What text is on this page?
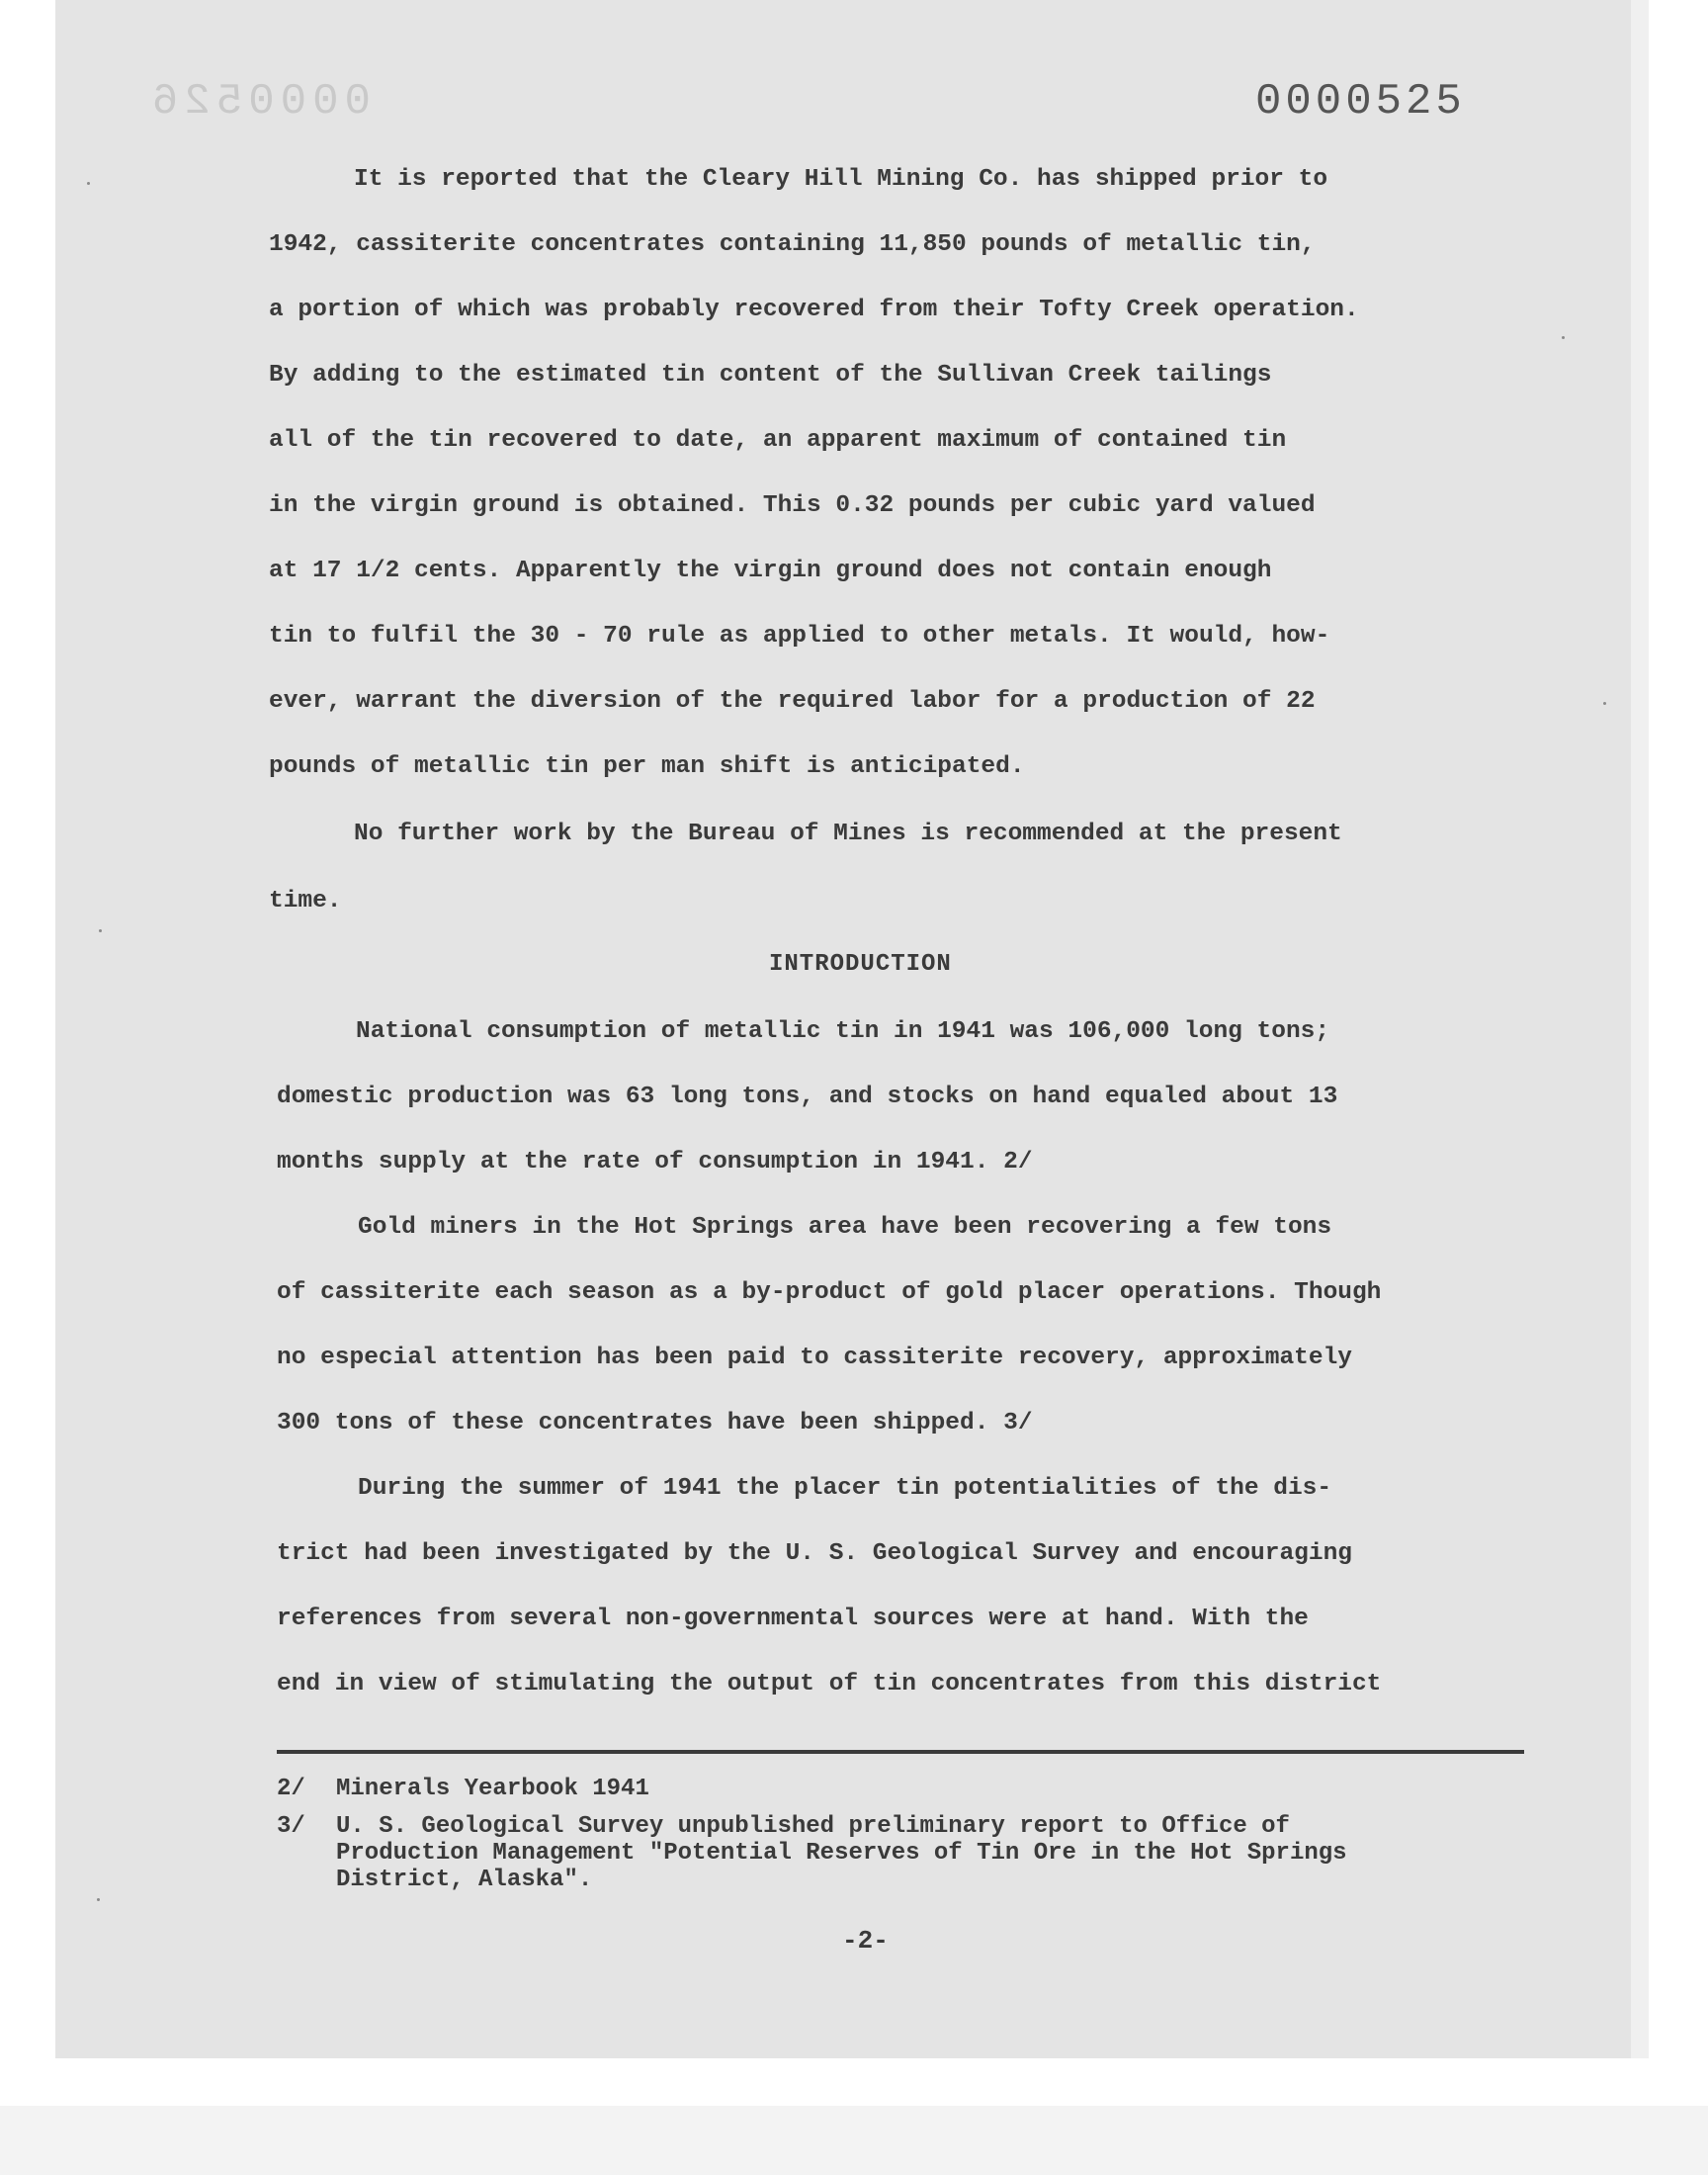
0000526	0000525
It is reported that the Cleary Hill Mining Co. has shipped prior to
1942, cassiterite concentrates containing 11,850 pounds of metallic tin,
a portion of which was probably recovered from their Tofty Creek operation.
By adding to the estimated tin content of the Sullivan Creek tailings
all of the tin recovered to date, an apparent maximum of contained tin
in the virgin ground is obtained. This 0.32 pounds per cubic yard valued
at 17 1/2 cents. Apparently the virgin ground does not contain enough
tin to fulfil the 30 - 70 rule as applied to other metals. It would, how-
ever, warrant the diversion of the required labor for a production of 22
pounds of metallic tin per man shift is anticipated.
No further work by the Bureau of Mines is recommended at the present
time.
INTRODUCTION
National consumption of metallic tin in 1941 was 106,000 long tons;
domestic production was 63 long tons, and stocks on hand equaled about 13
months supply at the rate of consumption in 1941. 2/
Gold miners in the Hot Springs area have been recovering a few tons
of cassiterite each season as a by-product of gold placer operations. Though
no especial attention has been paid to cassiterite recovery, approximately
300 tons of these concentrates have been shipped. 3/
During the summer of 1941 the placer tin potentialities of the dis-
trict had been investigated by the U. S. Geological Survey and encouraging
references from several non-governmental sources were at hand. With the
end in view of stimulating the output of tin concentrates from this district
2/ Minerals Yearbook 1941
3/ U. S. Geological Survey unpublished preliminary report to Office of
Production Management "Potential Reserves of Tin Ore in the Hot Springs
District, Alaska".
-2-
